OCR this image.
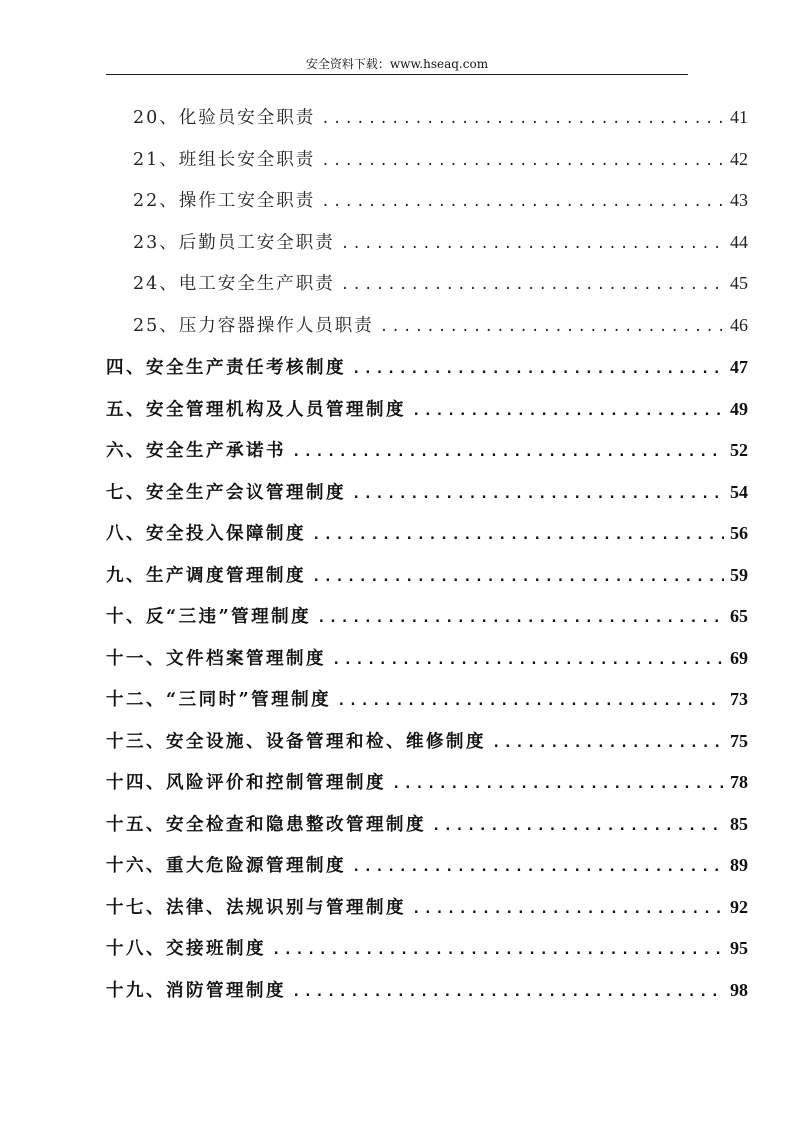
安全资料下载：www.hseaq.com
20、化验员安全职责 .....	41
21、班组长安全职责 .....	42
22、操作工安全职责 .....	43
23、后勤员工安全职责 .....	44
24、电工安全生产职责 .....	45
25、压力容器操作人员职责 .....	46
四、安全生产责任考核制度 .....	47
五、安全管理机构及人员管理制度 .....	49
六、安全生产承诺书 .....	52
七、安全生产会议管理制度 .....	54
八、安全投入保障制度 .....	56
九、生产调度管理制度 .....	59
十、反“三违”管理制度 .....	65
十一、文件档案管理制度 .....	69
十二、“三同时”管理制度 .....	73
十三、安全设施、设备管理和检、维修制度 .....	75
十四、风险评价和控制管理制度 .....	78
十五、安全检查和隐患整改管理制度 .....	85
十六、重大危险源管理制度 .....	89
十七、法律、法规识别与管理制度 .....	92
十八、交接班制度 .....	95
十九、消防管理制度 .....	98
